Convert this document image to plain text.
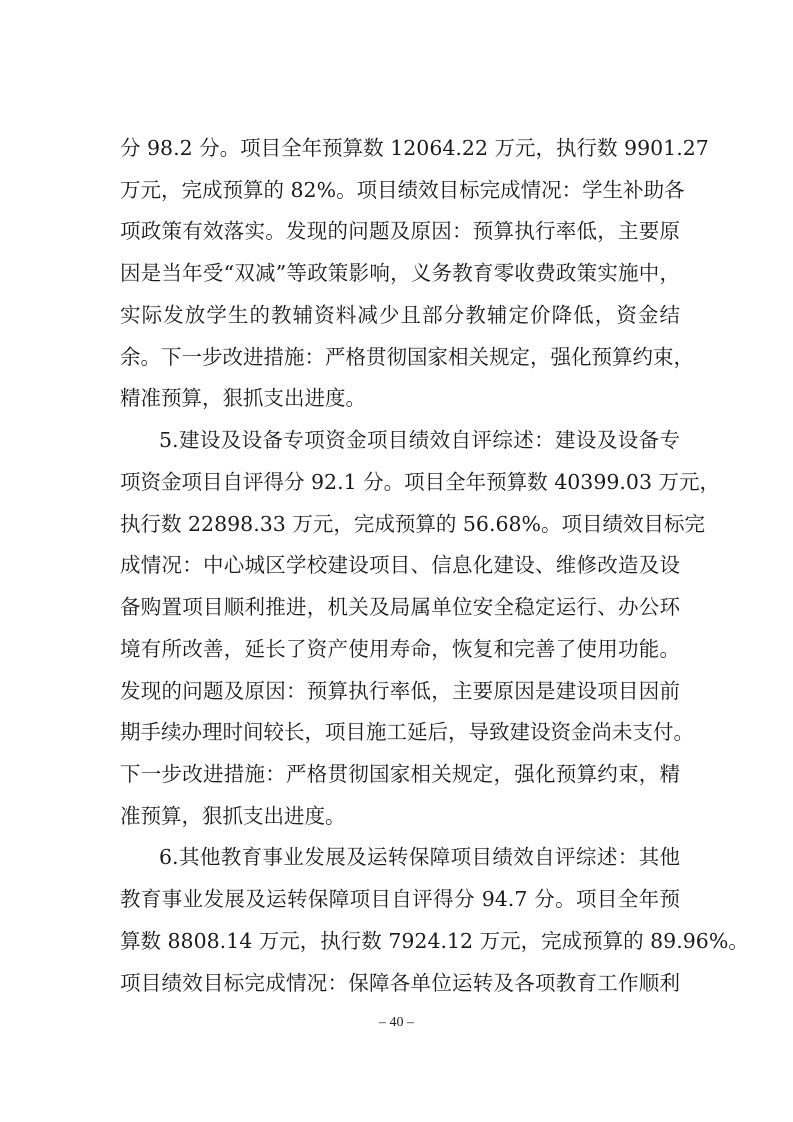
分 98.2 分。项目全年预算数 12064.22 万元，执行数 9901.27
万元，完成预算的 82%。项目绩效目标完成情况：学生补助各
项政策有效落实。发现的问题及原因：预算执行率低，主要原
因是当年受“双减”等政策影响，义务教育零收费政策实施中，
实际发放学生的教辅资料减少且部分教辅定价降低，资金结
余。下一步改进措施：严格贯彻国家相关规定，强化预算约束，
精准预算，狠抓支出进度。
5.建设及设备专项资金项目绩效自评综述：建设及设备专
项资金项目自评得分 92.1 分。项目全年预算数 40399.03 万元，
执行数 22898.33 万元，完成预算的 56.68%。项目绩效目标完
成情况：中心城区学校建设项目、信息化建设、维修改造及设
备购置项目顺利推进，机关及局属单位安全稳定运行、办公环
境有所改善，延长了资产使用寿命，恢复和完善了使用功能。
发现的问题及原因：预算执行率低，主要原因是建设项目因前
期手续办理时间较长，项目施工延后，导致建设资金尚未支付。
下一步改进措施：严格贯彻国家相关规定，强化预算约束，精
准预算，狠抓支出进度。
6.其他教育事业发展及运转保障项目绩效自评综述：其他
教育事业发展及运转保障项目自评得分 94.7 分。项目全年预
算数 8808.14 万元，执行数 7924.12 万元，完成预算的 89.96%。
项目绩效目标完成情况：保障各单位运转及各项教育工作顺利
– 40 –
